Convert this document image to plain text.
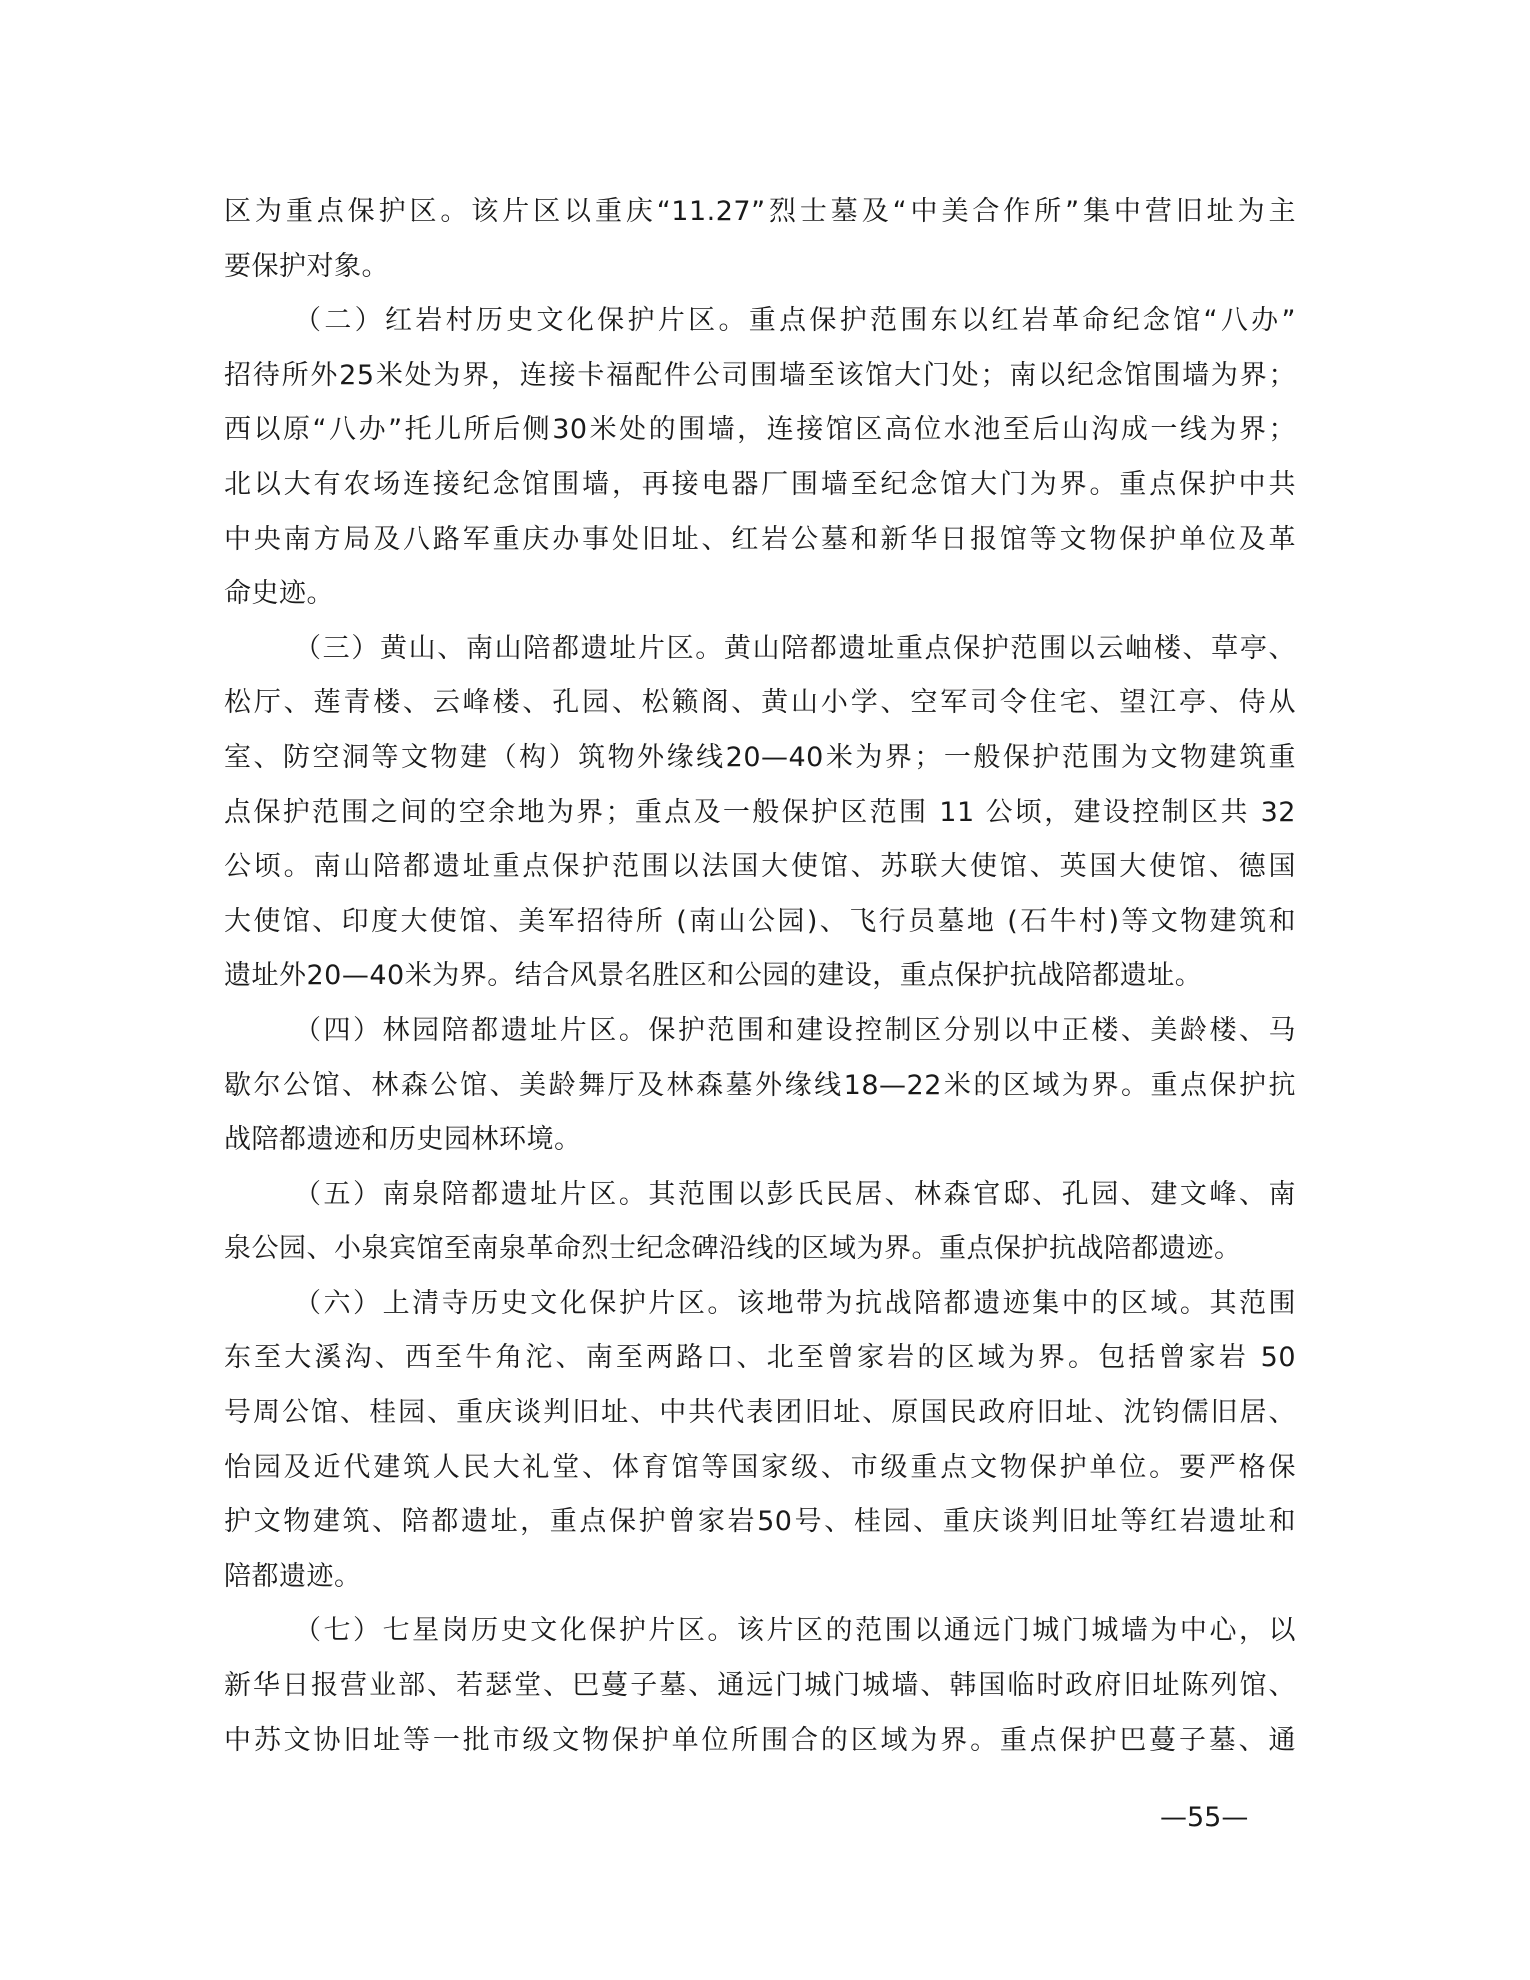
区为重点保护区。该片区以重庆“11.27”烈士墓及“中美合作所”集中营旧址为主
要保护对象。
（二）红岩村历史文化保护片区。重点保护范围东以红岩革命纪念馆“八办”
招待所外25米处为界，连接卡福配件公司围墙至该馆大门处；南以纪念馆围墙为界；
西以原“八办”托儿所后侧30米处的围墙，连接馆区高位水池至后山沟成一线为界；
北以大有农场连接纪念馆围墙，再接电器厂围墙至纪念馆大门为界。重点保护中共
中央南方局及八路军重庆办事处旧址、红岩公墓和新华日报馆等文物保护单位及革
命史迹。
（三）黄山、南山陪都遗址片区。黄山陪都遗址重点保护范围以云岫楼、草亭、
松厅、莲青楼、云峰楼、孔园、松籁阁、黄山小学、空军司令住宅、望江亭、侍从
室、防空洞等文物建（构）筑物外缘线20—40米为界；一般保护范围为文物建筑重
点保护范围之间的空余地为界；重点及一般保护区范围 11 公顷，建设控制区共 32
公顷。南山陪都遗址重点保护范围以法国大使馆、苏联大使馆、英国大使馆、德国
大使馆、印度大使馆、美军招待所 (南山公园)、飞行员墓地 (石牛村)等文物建筑和
遗址外20—40米为界。结合风景名胜区和公园的建设，重点保护抗战陪都遗址。
（四）林园陪都遗址片区。保护范围和建设控制区分别以中正楼、美龄楼、马
歇尔公馆、林森公馆、美龄舞厅及林森墓外缘线18—22米的区域为界。重点保护抗
战陪都遗迹和历史园林环境。
（五）南泉陪都遗址片区。其范围以彭氏民居、林森官邸、孔园、建文峰、南
泉公园、小泉宾馆至南泉革命烈士纪念碑沿线的区域为界。重点保护抗战陪都遗迹。
（六）上清寺历史文化保护片区。该地带为抗战陪都遗迹集中的区域。其范围
东至大溪沟、西至牛角沱、南至两路口、北至曾家岩的区域为界。包括曾家岩 50
号周公馆、桂园、重庆谈判旧址、中共代表团旧址、原国民政府旧址、沈钧儒旧居、
怡园及近代建筑人民大礼堂、体育馆等国家级、市级重点文物保护单位。要严格保
护文物建筑、陪都遗址，重点保护曾家岩50号、桂园、重庆谈判旧址等红岩遗址和
陪都遗迹。
（七）七星岗历史文化保护片区。该片区的范围以通远门城门城墙为中心，以
新华日报营业部、若瑟堂、巴蔓子墓、通远门城门城墙、韩国临时政府旧址陈列馆、
中苏文协旧址等一批市级文物保护单位所围合的区域为界。重点保护巴蔓子墓、通
—55—
